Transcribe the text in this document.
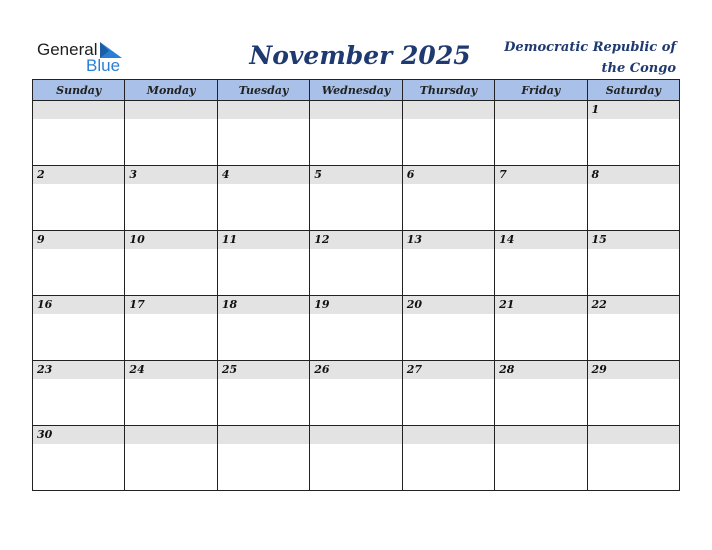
General
Blue	November 2025	Democratic Republic of
the Congo
Sunday	Monday	Tuesday	Wednesday	Thursday	Friday	Saturday

						1

2	3	4	5	6	7	8

9	10	11	12	13	14	15

16	17	18	19	20	21	22

23	24	25	26	27	28	29

30						
